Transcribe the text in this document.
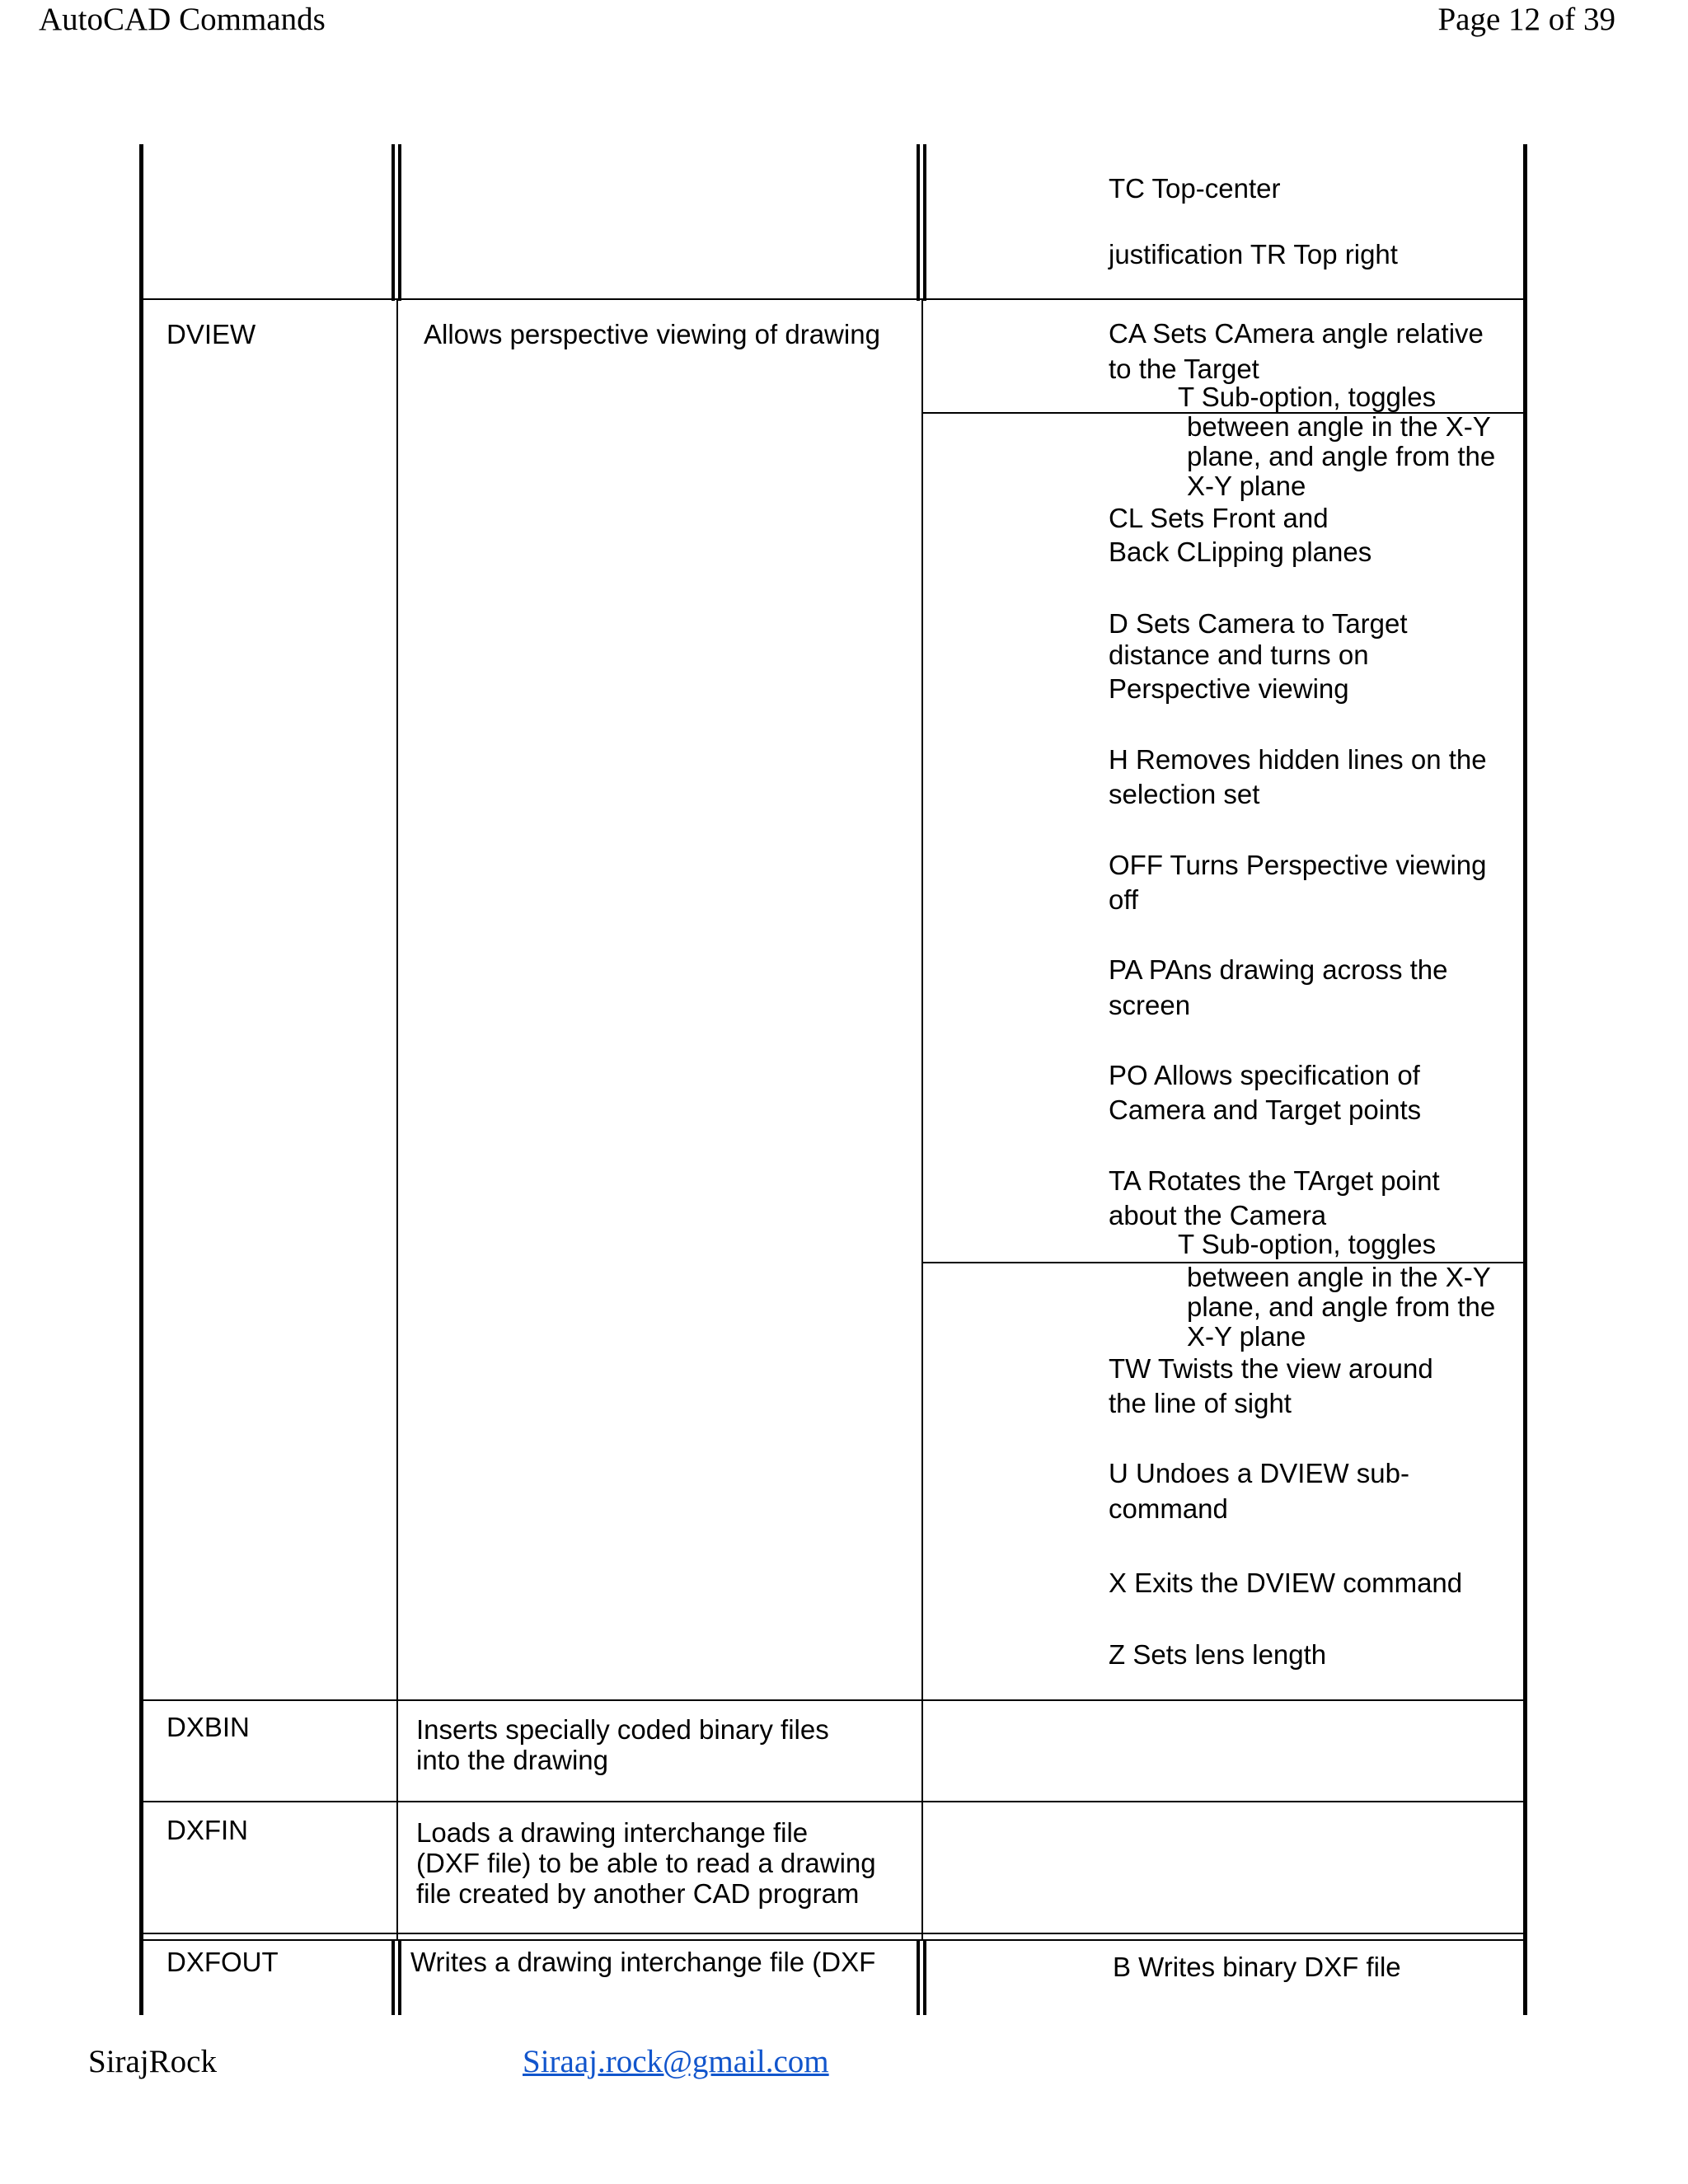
AutoCAD Commands	Page 12 of 39
TC Top-center
justification TR Top right
DVIEW	Allows perspective viewing of drawing	CA Sets CAmera angle relative
to the Target
T Sub-option, toggles
between angle in the X-Y
plane, and angle from the
X-Y plane
CL Sets Front and
Back CLipping planes
D Sets Camera to Target
distance and turns on
Perspective viewing
H Removes hidden lines on the
selection set
OFF Turns Perspective viewing
off
PA PAns drawing across the
screen
PO Allows specification of
Camera and Target points
TA Rotates the TArget point
about the Camera
T Sub-option, toggles
between angle in the X-Y
plane, and angle from the
X-Y plane
TW Twists the view around
the line of sight
U Undoes a DVIEW sub-
command
X Exits the DVIEW command
Z Sets lens length
DXBIN	Inserts specially coded binary files
into the drawing
DXFIN	Loads a drawing interchange file
(DXF file) to be able to read a drawing
file created by another CAD program
DXFOUT	Writes a drawing interchange file (DXF	B Writes binary DXF file
SirajRock	Siraaj.rock@gmail.com
